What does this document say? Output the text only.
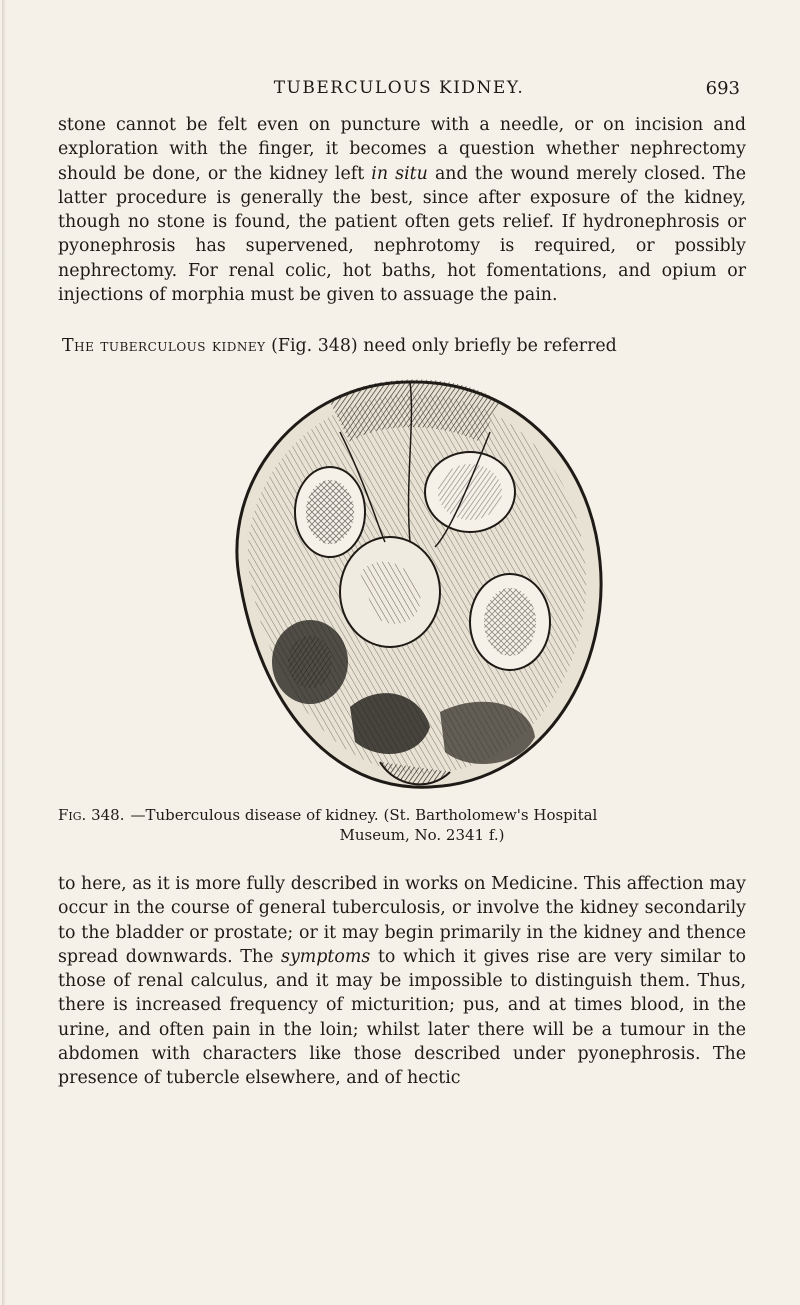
TUBERCULOUS KIDNEY.	693

stone cannot be felt even on puncture with a needle, or on incision and exploration with the finger, it becomes a question whether nephrectomy should be done, or the kidney left in situ and the wound merely closed. The latter procedure is generally the best, since after exposure of the kidney, though no stone is found, the patient often gets relief. If hydronephrosis or pyonephrosis has supervened, nephrotomy is required, or possibly nephrectomy. For renal colic, hot baths, hot fomentations, and opium or injections of morphia must be given to assuage the pain.

The tuberculous kidney (Fig. 348) need only briefly be referred

Fig. 348. —Tuberculous disease of kidney. (St. Bartholomew's Hospital
Museum, No. 2341 f.)

to here, as it is more fully described in works on Medicine. This affection may occur in the course of general tuberculosis, or involve the kidney secondarily to the bladder or prostate; or it may begin primarily in the kidney and thence spread downwards. The symptoms to which it gives rise are very similar to those of renal calculus, and it may be impossible to distinguish them. Thus, there is increased frequency of micturition; pus, and at times blood, in the urine, and often pain in the loin; whilst later there will be a tumour in the abdomen with characters like those described under pyonephrosis. The presence of tubercle elsewhere, and of hectic
